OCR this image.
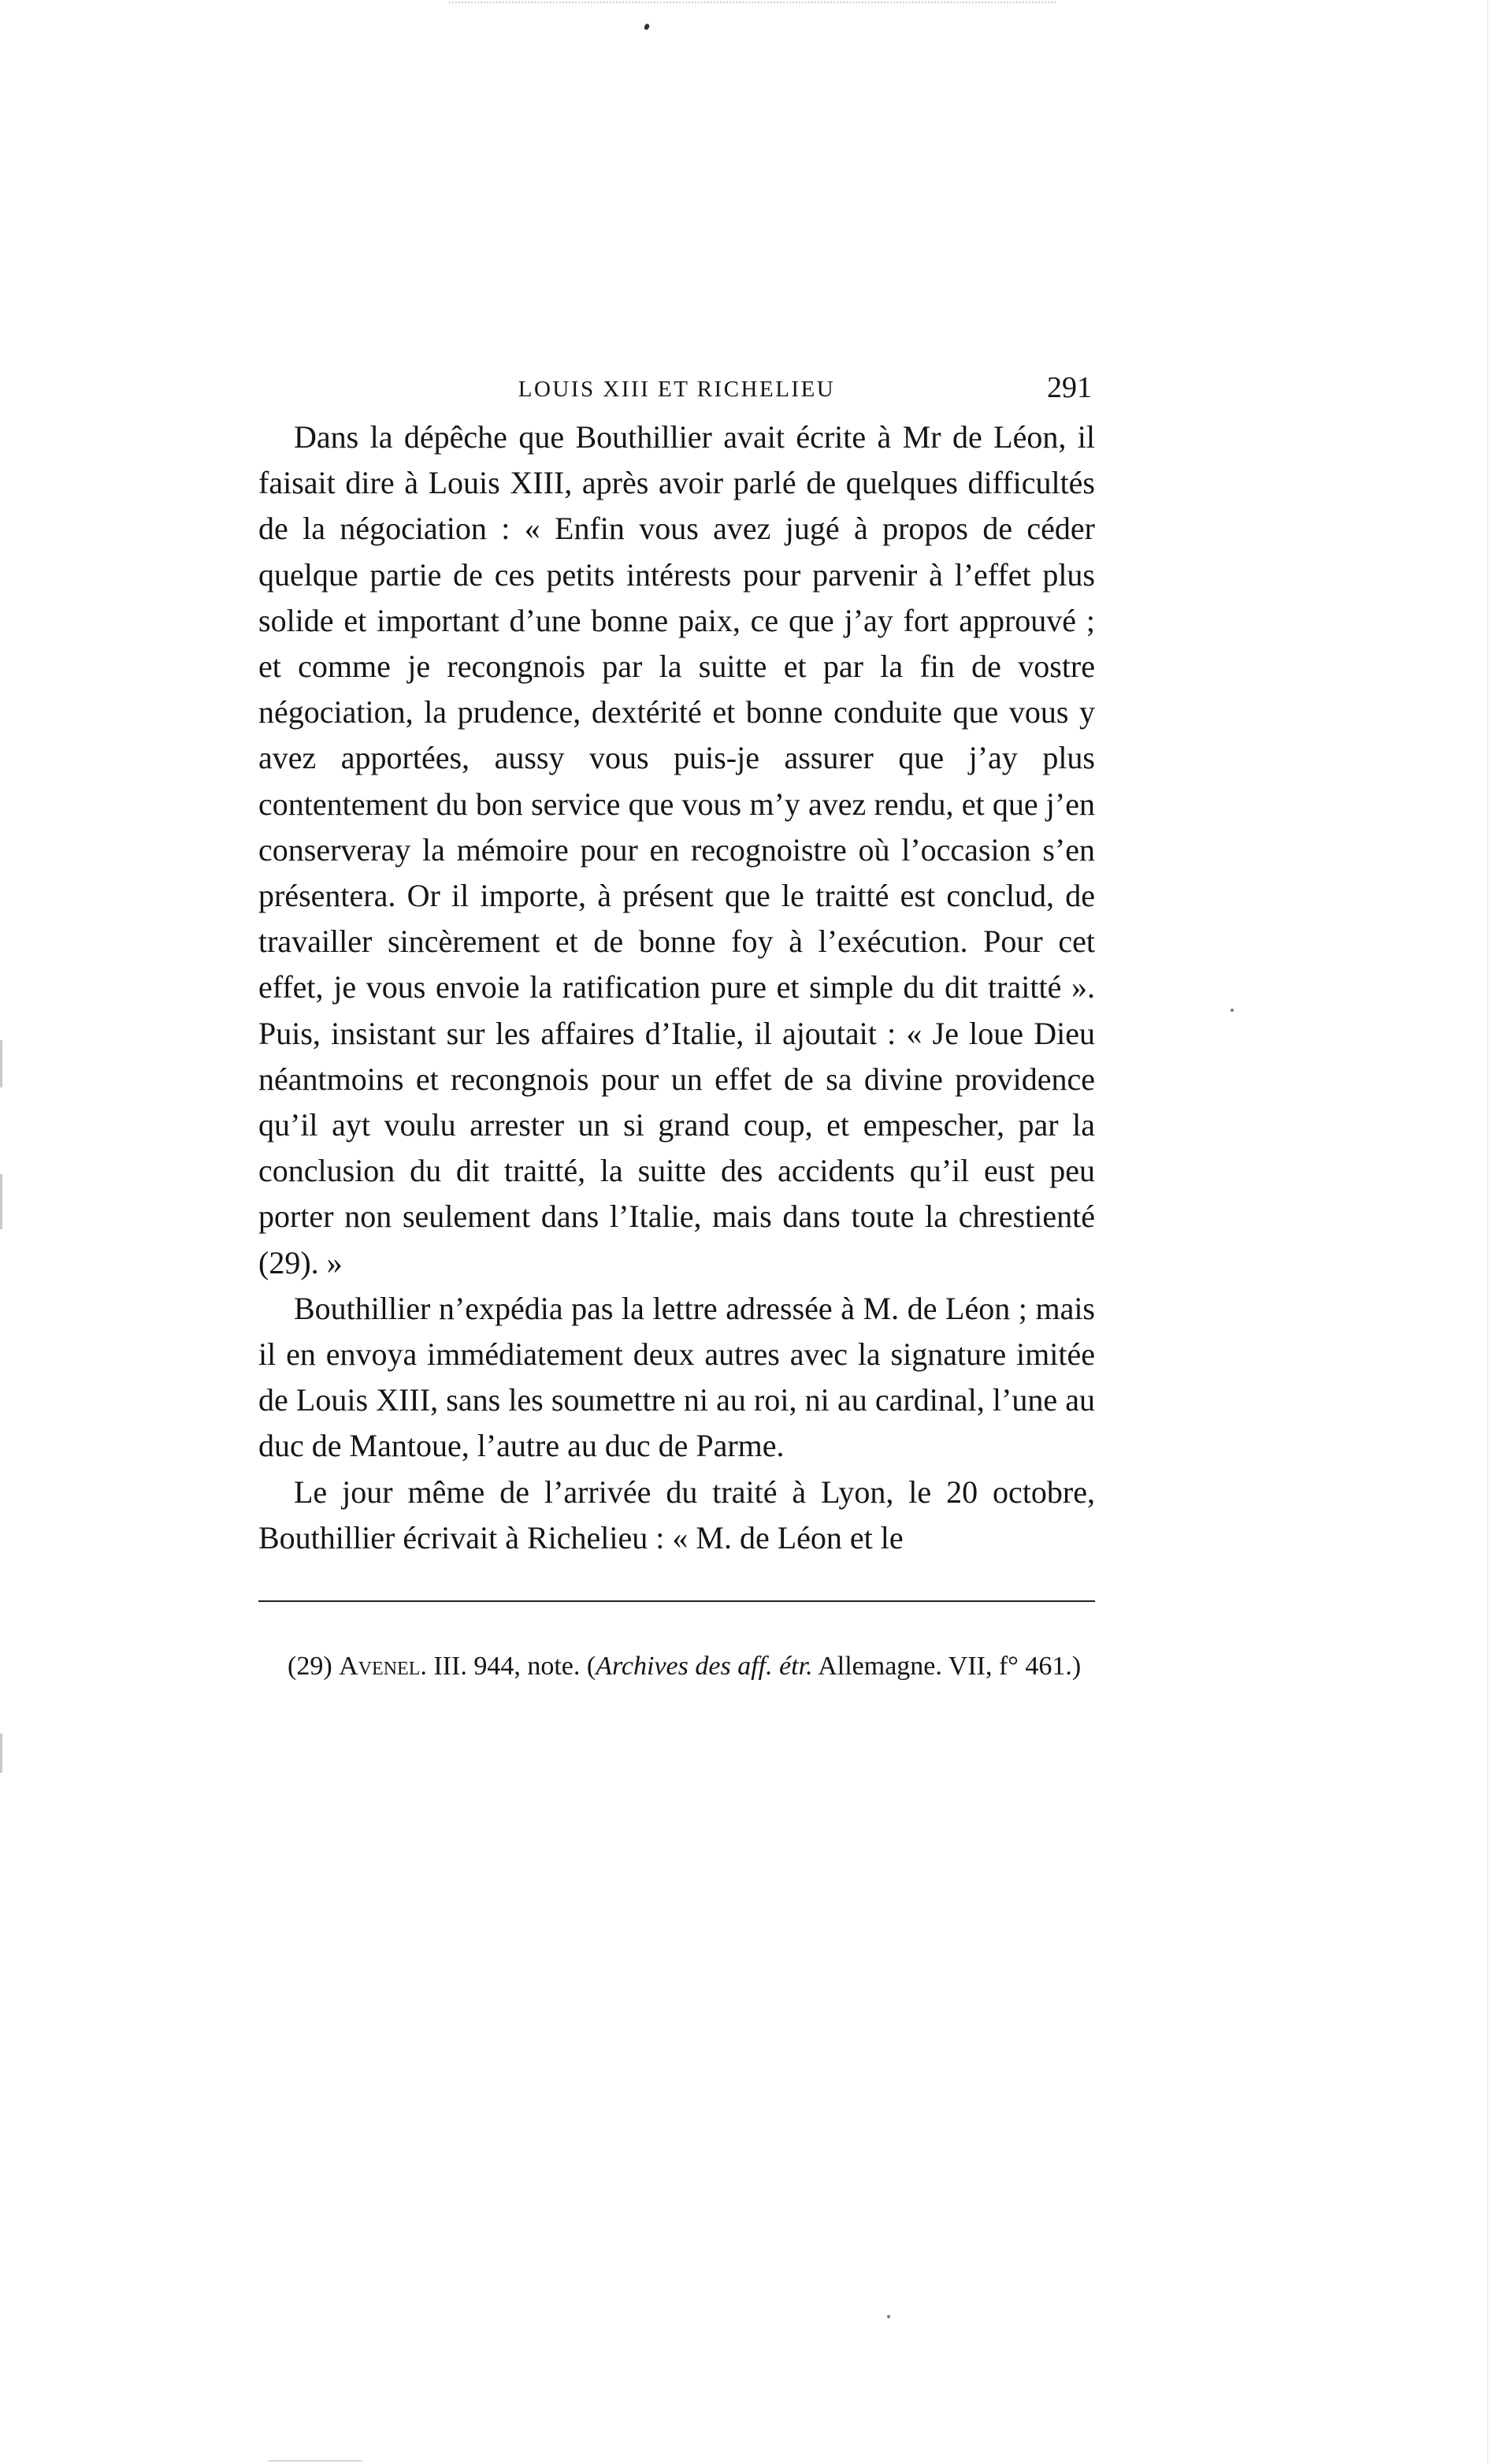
LOUIS XIII ET RICHELIEU	291

Dans la dépêche que Bouthillier avait écrite à Mr de Léon, il faisait dire à Louis XIII, après avoir parlé de quelques difficultés de la négociation : « Enfin vous avez jugé à propos de céder quelque partie de ces petits intérests pour parvenir à l’effet plus solide et important d’une bonne paix, ce que j’ay fort approuvé ; et comme je recongnois par la suitte et par la fin de vostre négociation, la prudence, dextérité et bonne conduite que vous y avez apportées, aussy vous puis-je assurer que j’ay plus contentement du bon service que vous m’y avez rendu, et que j’en conserveray la mémoire pour en recognoistre où l’occasion s’en présentera. Or il importe, à présent que le traitté est conclud, de travailler sincèrement et de bonne foy à l’exécution. Pour cet effet, je vous envoie la ratification pure et simple du dit traitté ». Puis, insistant sur les affaires d’Italie, il ajoutait : « Je loue Dieu néantmoins et recongnois pour un effet de sa divine providence qu’il ayt voulu arrester un si grand coup, et empescher, par la conclusion du dit traitté, la suitte des accidents qu’il eust peu porter non seulement dans l’Italie, mais dans toute la chrestienté (29). »

Bouthillier n’expédia pas la lettre adressée à M. de Léon ; mais il en envoya immédiatement deux autres avec la signature imitée de Louis XIII, sans les soumettre ni au roi, ni au cardinal, l’une au duc de Mantoue, l’autre au duc de Parme.

Le jour même de l’arrivée du traité à Lyon, le 20 octobre, Bouthillier écrivait à Richelieu : « M. de Léon et le

(29) Avenel. III. 944, note. (Archives des aff. étr. Allemagne. VII, f° 461.)
